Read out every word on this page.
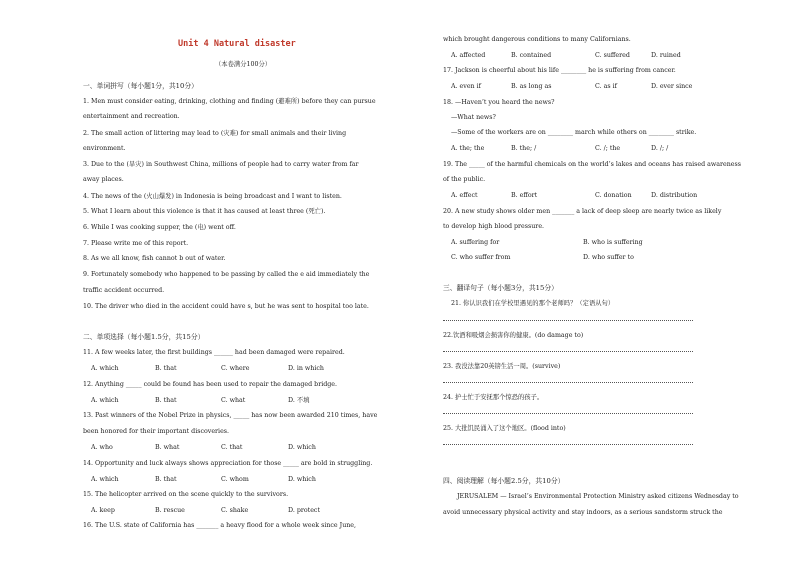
Unit 4 Natural disaster
（本卷满分100分）
一、单词拼写（每小题1分，共10分）
1. Men must consider eating, drinking, clothing and finding (避难所) before they can pursue
entertainment and recreation.
2. The small action of littering may lead to (灾难) for small animals and their living
environment.
3. Due to the (旱灾) in Southwest China, millions of people had to carry water from far
away places.
4. The news of the (火山爆发) in Indonesia is being broadcast and I want to listen.
5. What I learn about this violence is that it has caused at least three (死亡).
6. While I was cooking supper, the (电) went off.
7. Please write me of this report.
8. As we all know, fish cannot b out of water.
9. Fortunately somebody who happened to be passing by called the e aid immediately the
traffic accident occurred.
10. The driver who died in the accident could have s, but he was sent to hospital too late.
二、单项选择（每小题1.5分，共15分）
11. A few weeks later, the first buildings ______ had been damaged were repaired.
A. which	B. that	C. where	D. in which
12. Anything _____ could be found has been used to repair the damaged bridge.
A. which	B. that	C. what	D. 不填
13. Past winners of the Nobel Prize in physics, _____ has now been awarded 210 times, have
been honored for their important discoveries.
A. who	B. what	C. that	D. which
14. Opportunity and luck always shows appreciation for those _____ are bold in struggling.
A. which	B. that	C. whom	D. which
15. The helicopter arrived on the scene quickly to the survivors.
A. keep	B. rescue	C. shake	D. protect
16. The U.S. state of California has _______ a heavy flood for a whole week since June,
which brought dangerous conditions to many Californians.
A. affected	B. contained	C. suffered	D. ruined
17. Jackson is cheerful about his life ________ he is suffering from cancer.
A. even if	B. as long as	C. as if	D. ever since
18. —Haven’t you heard the news?
—What news?
—Some of the workers are on ________ march while others on ________ strike.
A. the; the	B. the; /	C. /; the	D. /; /
19. The _____ of the harmful chemicals on the world’s lakes and oceans has raised awareness
of the public.
A. effect	B. effort	C. donation	D. distribution
20. A new study shows older men _______ a lack of deep sleep are nearly twice as likely
to develop high blood pressure.
A. suffering for	B. who is suffering
C. who suffer from	D. who suffer to
三、翻译句子（每小题3分，共15分）
21. 你认识我们在学校里遇见的那个老师吗？（定语从句）
22.饮酒和吸烟会损害你的健康。(do damage to)
23. 我没法靠20英镑生活一周。(survive)
24. 护士忙于安抚那个惊恐的孩子。
25. 大批饥民涌入了这个地区。(flood into)
四、阅读理解（每小题2.5分，共10分）
JERUSALEM — Israel’s Environmental Protection Ministry asked citizens Wednesday to
avoid unnecessary physical activity and stay indoors, as a serious sandstorm struck the
